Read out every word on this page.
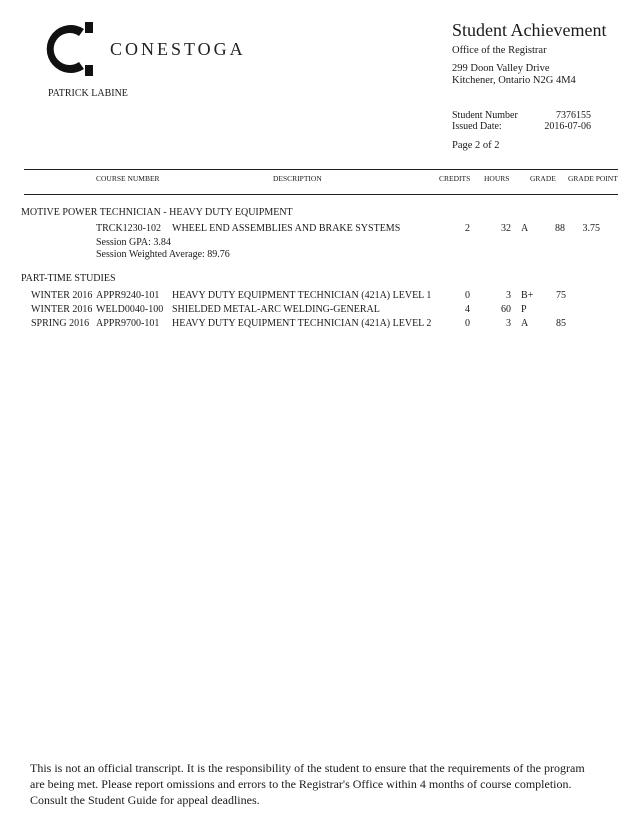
CONESTOGA
PATRICK LABINE
Student Achievement
Office of the Registrar
299 Doon Valley Drive
Kitchener, Ontario N2G 4M4
Student Number	7376155
Issued Date:	2016-07-06
Page 2 of 2
COURSE NUMBER	DESCRIPTION	CREDITS HOURS	GRADE GRADE POINT
MOTIVE POWER TECHNICIAN - HEAVY DUTY EQUIPMENT
TRCK1230-102 WHEEL END ASSEMBLIES AND BRAKE SYSTEMS	2	32 A	88	3.75
Session GPA: 3.84
Session Weighted Average: 89.76
PART-TIME STUDIES
WINTER 2016 APPR9240-101 HEAVY DUTY EQUIPMENT TECHNICIAN (421A) LEVEL 1	0	3 B+ 75
WINTER 2016 WELD0040-100 SHIELDED METAL-ARC WELDING-GENERAL	4	60 P
SPRING 2016 APPR9700-101 HEAVY DUTY EQUIPMENT TECHNICIAN (421A) LEVEL 2	0	3 A	85
This is not an official transcript. It is the responsibility of the student to ensure that the requirements of the program are being met. Please report omissions and errors to the Registrar's Office within 4 months of course completion. Consult the Student Guide for appeal deadlines.
